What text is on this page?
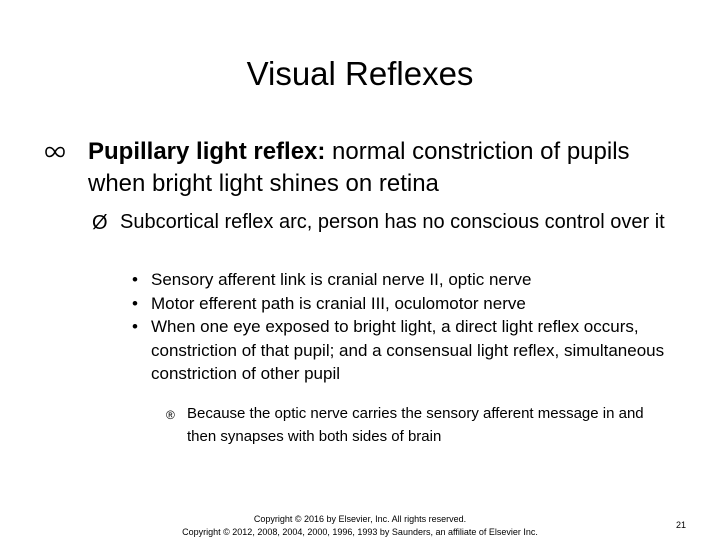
Visual Reflexes
Pupillary light reflex: normal constriction of pupils when bright light shines on retina
Ø Subcortical reflex arc, person has no conscious control over it
• Sensory afferent link is cranial nerve II, optic nerve
• Motor efferent path is cranial III, oculomotor nerve
• When one eye exposed to bright light, a direct light reflex occurs, constriction of that pupil; and a consensual light reflex, simultaneous constriction of other pupil
® Because the optic nerve carries the sensory afferent message in and then synapses with both sides of brain
Copyright © 2016 by Elsevier, Inc. All rights reserved.
Copyright © 2012, 2008, 2004, 2000, 1996, 1993 by Saunders, an affiliate of Elsevier Inc.
21
